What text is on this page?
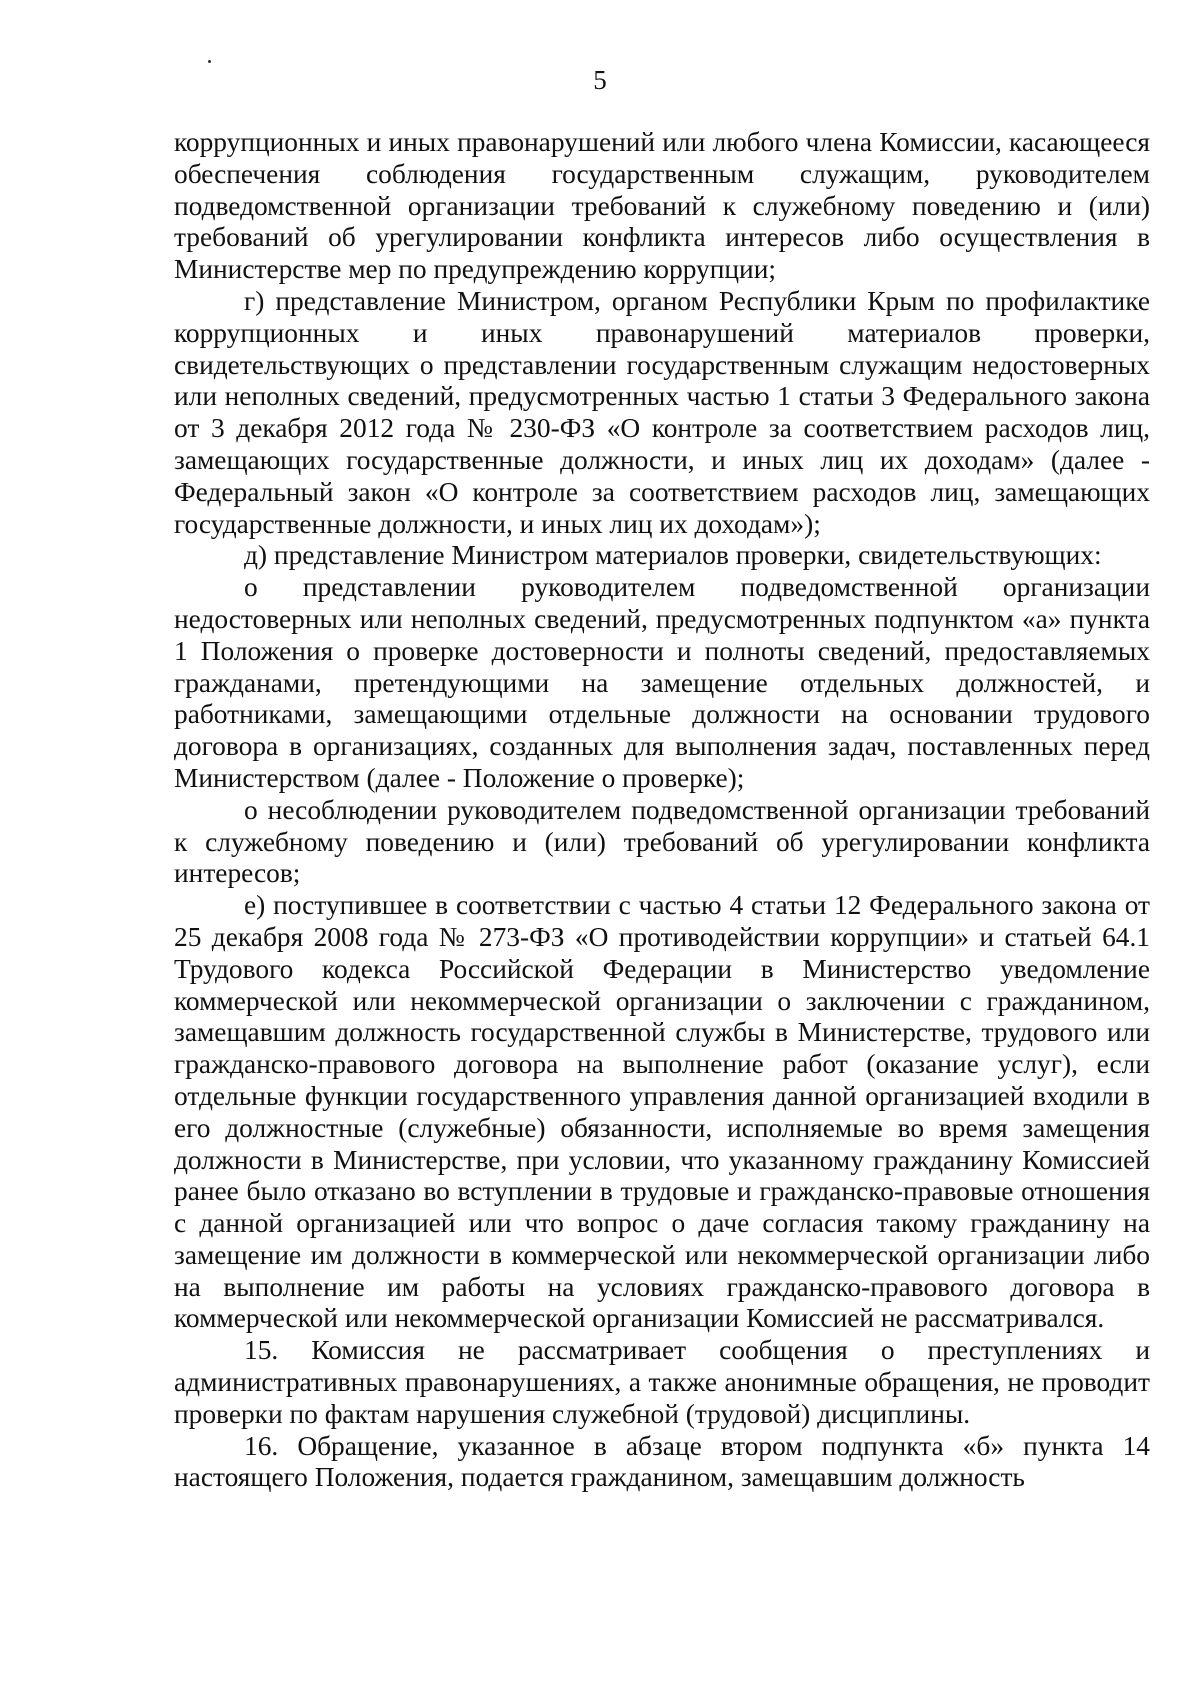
5

коррупционных и иных правонарушений или любого члена Комиссии, касающееся обеспечения соблюдения государственным служащим, руководителем подведомственной организации требований к служебному поведению и (или) требований об урегулировании конфликта интересов либо осуществления в Министерстве мер по предупреждению коррупции;

г) представление Министром, органом Республики Крым по профилактике коррупционных и иных правонарушений материалов проверки, свидетельствующих о представлении государственным служащим недостоверных или неполных сведений, предусмотренных частью 1 статьи 3 Федерального закона от 3 декабря 2012 года № 230-ФЗ «О контроле за соответствием расходов лиц, замещающих государственные должности, и иных лиц их доходам» (далее - Федеральный закон «О контроле за соответствием расходов лиц, замещающих государственные должности, и иных лиц их доходам»);

д) представление Министром материалов проверки, свидетельствующих:

о представлении руководителем подведомственной организации недостоверных или неполных сведений, предусмотренных подпунктом «а» пункта 1 Положения о проверке достоверности и полноты сведений, предоставляемых гражданами, претендующими на замещение отдельных должностей, и работниками, замещающими отдельные должности на основании трудового договора в организациях, созданных для выполнения задач, поставленных перед Министерством (далее - Положение о проверке);

о несоблюдении руководителем подведомственной организации требований к служебному поведению и (или) требований об урегулировании конфликта интересов;

е) поступившее в соответствии с частью 4 статьи 12 Федерального закона от 25 декабря 2008 года № 273-ФЗ «О противодействии коррупции» и статьей 64.1 Трудового кодекса Российской Федерации в Министерство уведомление коммерческой или некоммерческой организации о заключении с гражданином, замещавшим должность государственной службы в Министерстве, трудового или гражданско-правового договора на выполнение работ (оказание услуг), если отдельные функции государственного управления данной организацией входили в его должностные (служебные) обязанности, исполняемые во время замещения должности в Министерстве, при условии, что указанному гражданину Комиссией ранее было отказано во вступлении в трудовые и гражданско-правовые отношения с данной организацией или что вопрос о даче согласия такому гражданину на замещение им должности в коммерческой или некоммерческой организации либо на выполнение им работы на условиях гражданско-правового договора в коммерческой или некоммерческой организации Комиссией не рассматривался.

15. Комиссия не рассматривает сообщения о преступлениях и административных правонарушениях, а также анонимные обращения, не проводит проверки по фактам нарушения служебной (трудовой) дисциплины.

16. Обращение, указанное в абзаце втором подпункта «б» пункта 14 настоящего Положения, подается гражданином, замещавшим должность
